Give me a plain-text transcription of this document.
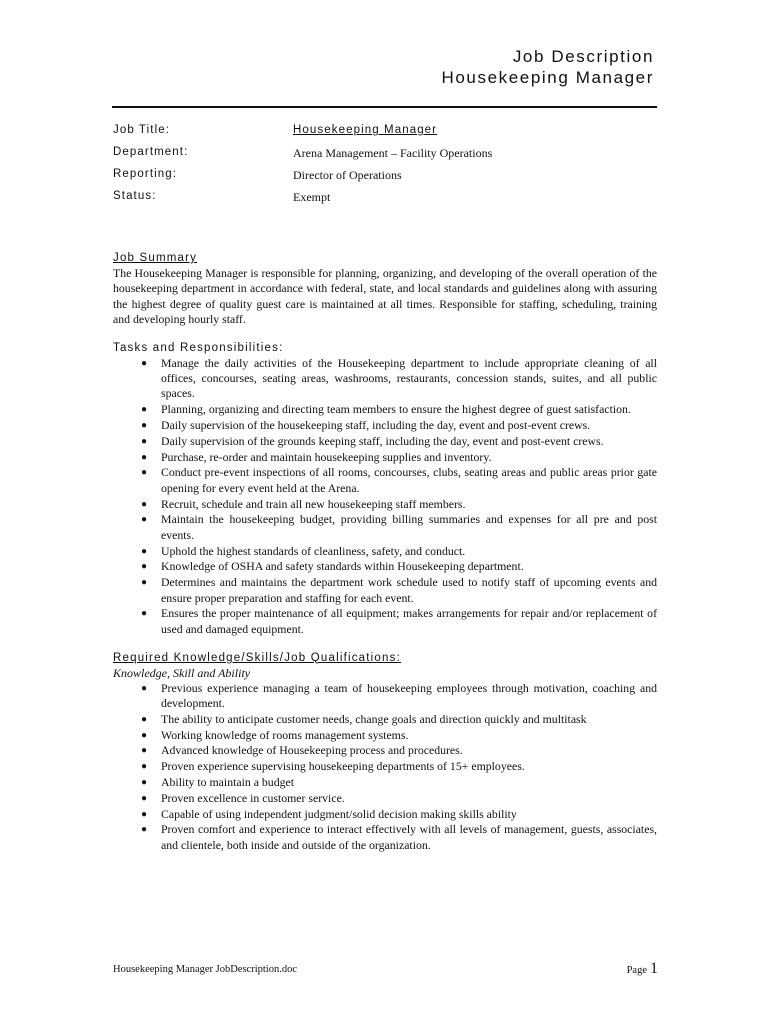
Job Description
Housekeeping Manager
Job Title:	Housekeeping Manager
Department:	Arena Management – Facility Operations
Reporting:	Director of Operations
Status:	Exempt
Job Summary

The Housekeeping Manager is responsible for planning, organizing, and developing of the overall operation of the housekeeping department in accordance with federal, state, and local standards and guidelines along with assuring the highest degree of quality guest care is maintained at all times. Responsible for staffing, scheduling, training and developing hourly staff.

Tasks and Responsibilities:
● Manage the daily activities of the Housekeeping department to include appropriate cleaning of all offices, concourses, seating areas, washrooms, restaurants, concession stands, suites, and all public spaces.
● Planning, organizing and directing team members to ensure the highest degree of guest satisfaction.
● Daily supervision of the housekeeping staff, including the day, event and post-event crews.
● Daily supervision of the grounds keeping staff, including the day, event and post-event crews.
● Purchase, re-order and maintain housekeeping supplies and inventory.
● Conduct pre-event inspections of all rooms, concourses, clubs, seating areas and public areas prior gate opening for every event held at the Arena.
● Recruit, schedule and train all new housekeeping staff members.
● Maintain the housekeeping budget, providing billing summaries and expenses for all pre and post events.
● Uphold the highest standards of cleanliness, safety, and conduct.
● Knowledge of OSHA and safety standards within Housekeeping department.
● Determines and maintains the department work schedule used to notify staff of upcoming events and ensure proper preparation and staffing for each event.
● Ensures the proper maintenance of all equipment; makes arrangements for repair and/or replacement of used and damaged equipment.
Required Knowledge/Skills/Job Qualifications:
Knowledge, Skill and Ability
● Previous experience managing a team of housekeeping employees through motivation, coaching and development.
● The ability to anticipate customer needs, change goals and direction quickly and multitask
● Working knowledge of rooms management systems.
● Advanced knowledge of Housekeeping process and procedures.
● Proven experience supervising housekeeping departments of 15+ employees.
● Ability to maintain a budget
● Proven excellence in customer service.
● Capable of using independent judgment/solid decision making skills ability
● Proven comfort and experience to interact effectively with all levels of management, guests, associates, and clientele, both inside and outside of the organization.
Housekeeping Manager JobDescription.doc	Page 1
